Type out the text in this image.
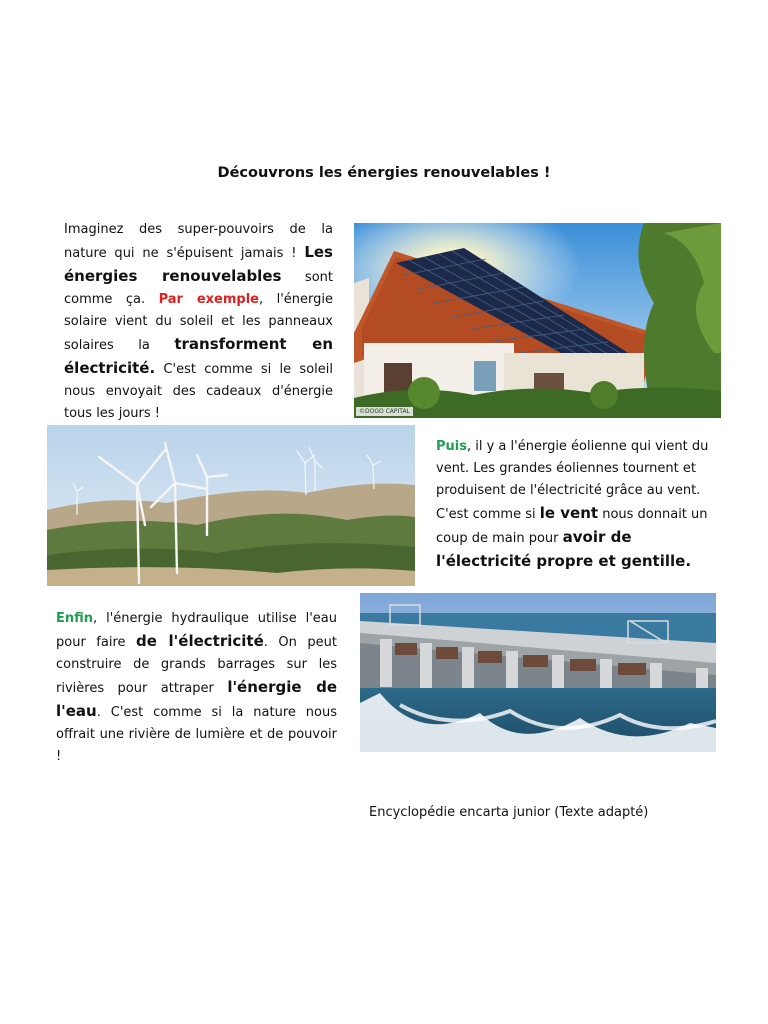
Découvrons les énergies renouvelables !

Imaginez des super-pouvoirs de la nature qui ne s'épuisent jamais ! Les énergies renouvelables sont comme ça. Par exemple, l'énergie solaire vient du soleil et les panneaux solaires la transforment en électricité. C'est comme si le soleil nous envoyait des cadeaux d'énergie tous les jours !	©DOGO CAPITAL

Puis, il y a l'énergie éolienne qui vient du vent. Les grandes éoliennes tournent et produisent de l'électricité grâce au vent. C'est comme si le vent nous donnait un coup de main pour avoir de l'électricité propre et gentille.

Enfin, l'énergie hydraulique utilise l'eau pour faire de l'électricité. On peut construire de grands barrages sur les rivières pour attraper l'énergie de l'eau. C'est comme si la nature nous offrait une rivière de lumière et de pouvoir !

Encyclopédie encarta junior (Texte adapté)
